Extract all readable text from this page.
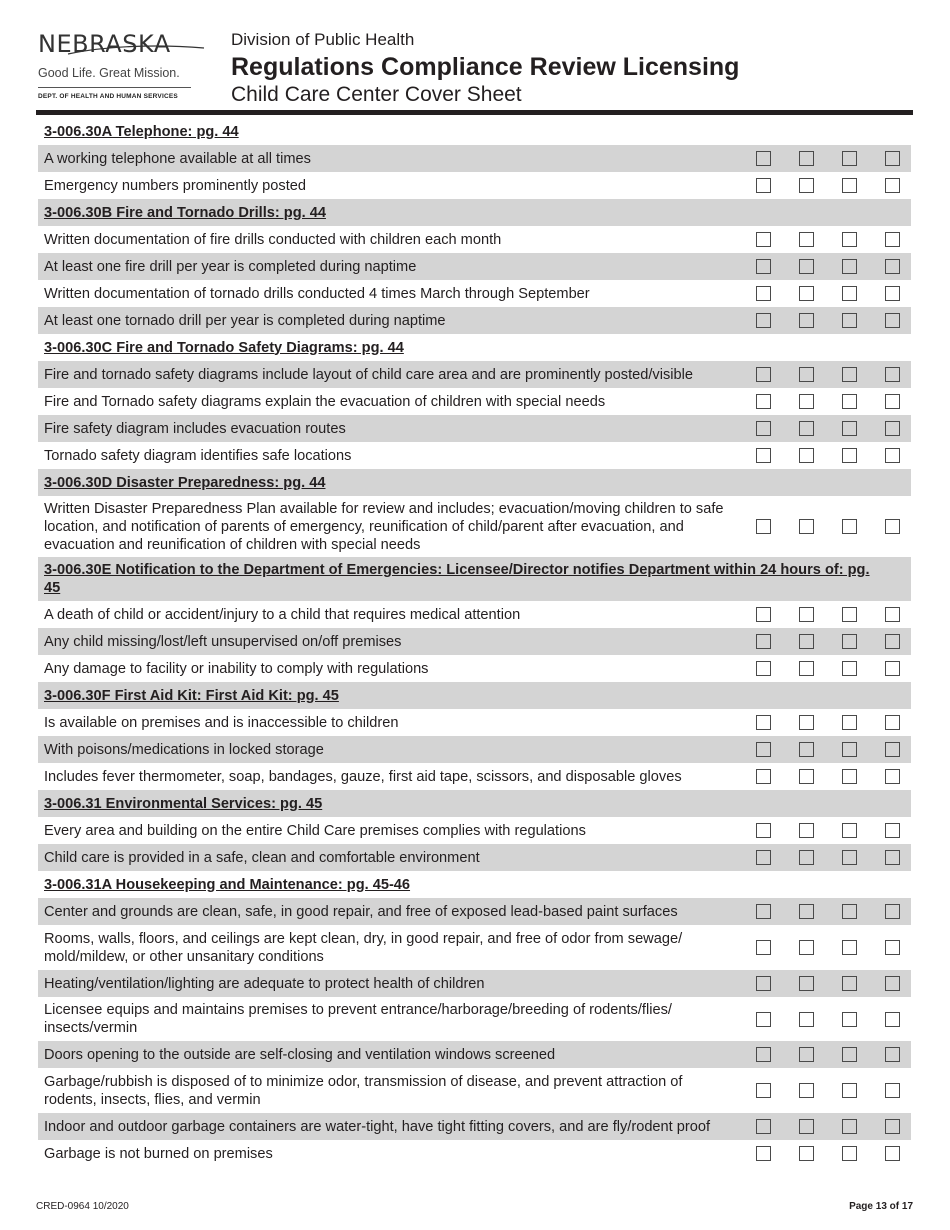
NEBRASKA
Good Life. Great Mission.
DEPT. OF HEALTH AND HUMAN SERVICES
Division of Public Health
Regulations Compliance Review Licensing
Child Care Center Cover Sheet
3-006.30A Telephone: pg. 44
A working telephone available at all times
Emergency numbers prominently posted
3-006.30B Fire and Tornado Drills: pg. 44
Written documentation of fire drills conducted with children each month
At least one fire drill per year is completed during naptime
Written documentation of tornado drills conducted 4 times March through September
At least one tornado drill per year is completed during naptime
3-006.30C Fire and Tornado Safety Diagrams: pg. 44
Fire and tornado safety diagrams include layout of child care area and are prominently posted/visible
Fire and Tornado safety diagrams explain the evacuation of children with special needs
Fire safety diagram includes evacuation routes
Tornado safety diagram identifies safe locations
3-006.30D Disaster Preparedness: pg. 44
Written Disaster Preparedness Plan available for review and includes; evacuation/moving children to safe location, and notification of parents of emergency, reunification of child/parent after evacuation, and evacuation and reunification of children with special needs
3-006.30E Notification to the Department of Emergencies: Licensee/Director notifies Department within 24 hours of: pg. 45
A death of child or accident/injury to a child that requires medical attention
Any child missing/lost/left unsupervised on/off premises
Any damage to facility or inability to comply with regulations
3-006.30F First Aid Kit: First Aid Kit: pg. 45
Is available on premises and is inaccessible to children
With poisons/medications in locked storage
Includes fever thermometer, soap, bandages, gauze, first aid tape, scissors, and disposable gloves
3-006.31 Environmental Services: pg. 45
Every area and building on the entire Child Care premises complies with regulations
Child care is provided in a safe, clean and comfortable environment
3-006.31A Housekeeping and Maintenance: pg. 45-46
Center and grounds are clean, safe, in good repair, and free of exposed lead-based paint surfaces
Rooms, walls, floors, and ceilings are kept clean, dry, in good repair, and free of odor from sewage/ mold/mildew, or other unsanitary conditions
Heating/ventilation/lighting are adequate to protect health of children
Licensee equips and maintains premises to prevent entrance/harborage/breeding of rodents/flies/ insects/vermin
Doors opening to the outside are self-closing and ventilation windows screened
Garbage/rubbish is disposed of to minimize odor, transmission of disease, and prevent attraction of rodents, insects, flies, and vermin
Indoor and outdoor garbage containers are water-tight, have tight fitting covers, and are fly/rodent proof
Garbage is not burned on premises
CRED-0964 10/2020	Page 13 of 17
